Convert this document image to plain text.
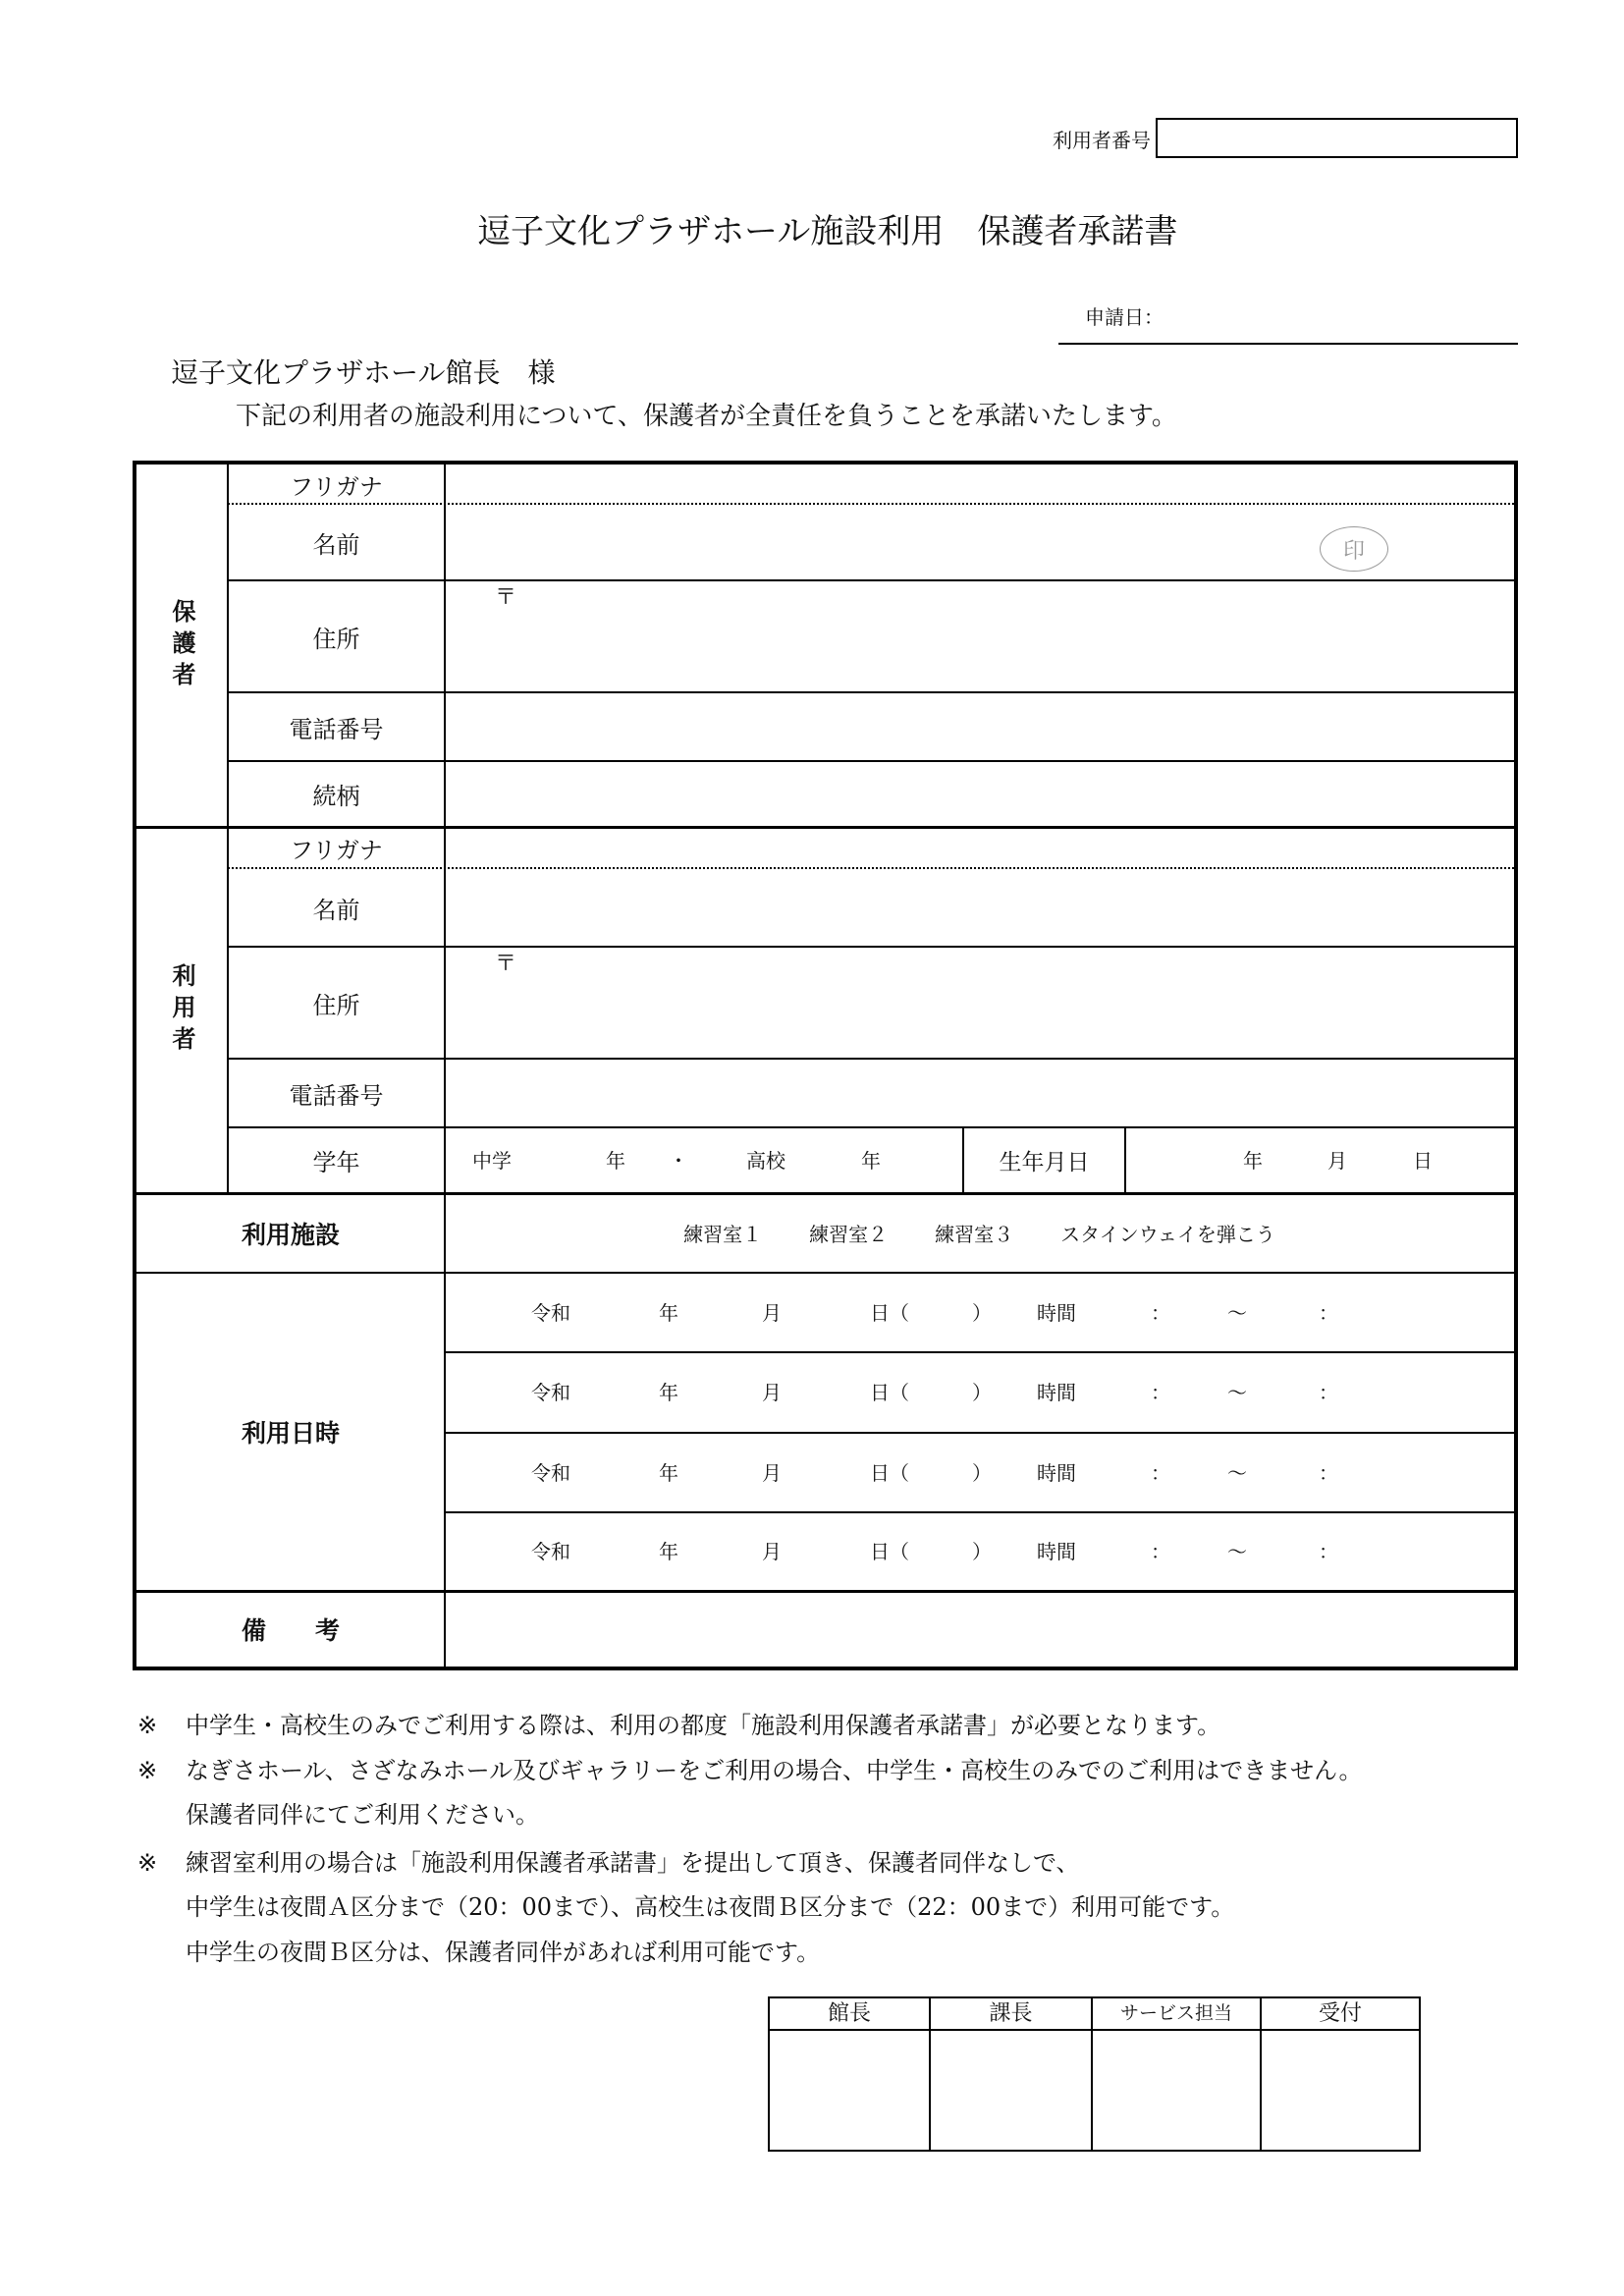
利用者番号
逗子文化プラザホール施設利用　保護者承諾書
申請日：
逗子文化プラザホール館長　様
下記の利用者の施設利用について、保護者が全責任を負うことを承諾いたします。
保護者
フリガナ
名前	印
住所
〒
電話番号
続柄
利用者
フリガナ
名前
住所
〒
電話番号
学年	中学	年 ・	高校	年	生年月日	年	月	日
利用施設	練習室１ 練習室２ 練習室３ スタインウェイを弾こう
利用日時
令和	年	月	日（	） 時間	：	～	：
令和	年	月	日（	） 時間	：	～	：
令和	年	月	日（	） 時間	：	～	：
令和	年	月	日（	） 時間	：	～	：
備　　考
※ 中学生・高校生のみでご利用する際は、利用の都度「施設利用保護者承諾書」が必要となります。
※ なぎさホール、さざなみホール及びギャラリーをご利用の場合、中学生・高校生のみでのご利用はできません。
保護者同伴にてご利用ください。
※ 練習室利用の場合は「施設利用保護者承諾書」を提出して頂き、保護者同伴なしで、
中学生は夜間Ａ区分まで（20：00まで）、高校生は夜間Ｂ区分まで（22：00まで）利用可能です。
中学生の夜間Ｂ区分は、保護者同伴があれば利用可能です。
館長	課長	サービス担当	受付
